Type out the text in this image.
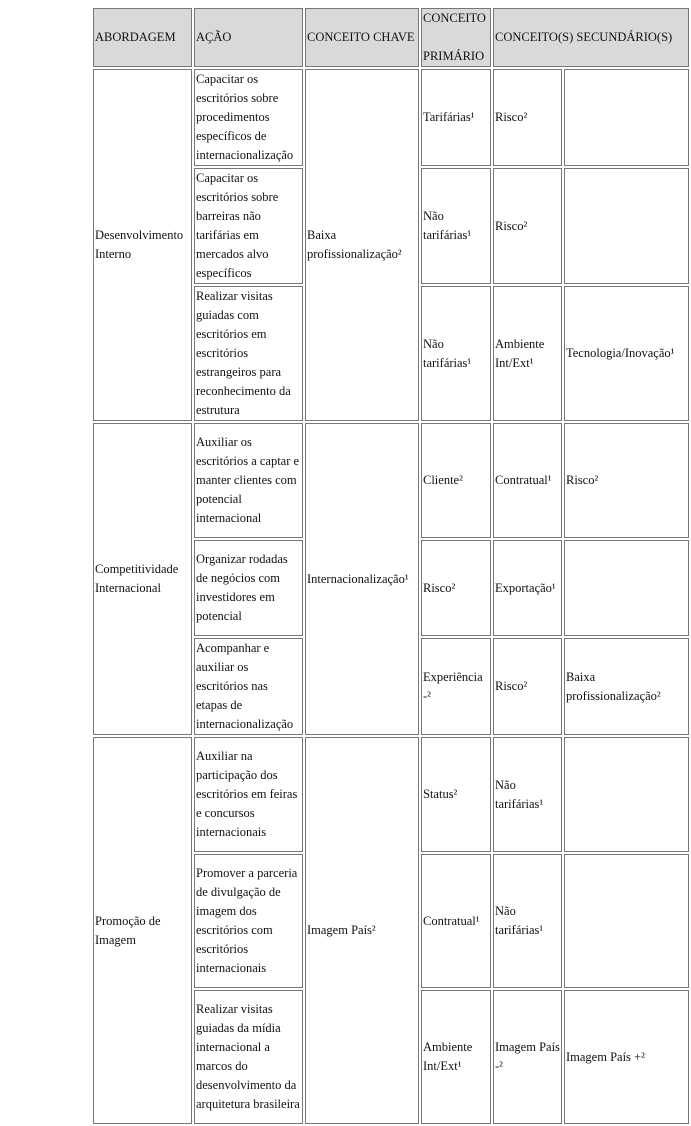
ABORDAGEM	AÇÃO	CONCEITO CHAVE	CONCEITO
PRIMÁRIO	CONCEITO(S) SECUNDÁRIO(S)	
Desenvolvimento Interno	Capacitar os escritórios sobre procedimentos específicos de internacionalização	Baixa profissionalização²	Tarifárias¹	Risco²	
	Capacitar os escritórios sobre barreiras não tarifárias em mercados alvo específicos		Não tarifárias¹	Risco²	
	Realizar visitas guiadas com escritórios em escritórios estrangeiros para reconhecimento da estrutura		Não tarifárias¹	Ambiente Int/Ext¹	Tecnologia/Inovação¹
Competitividade Internacional	Auxiliar os escritórios a captar e manter clientes com potencial internacional	Internacionalização¹	Cliente²	Contratual¹	Risco²
	Organizar rodadas de negócios com investidores em potencial		Risco²	Exportação¹	
	Acompanhar e auxiliar os escritórios nas etapas de internacionalização		Experiência -²	Risco²	Baixa profissionalização²
Promoção de Imagem	Auxiliar na participação dos escritórios em feiras e concursos internacionais	Imagem País²	Status²	Não tarifárias¹	
	Promover a parceria de divulgação de imagem dos escritórios com escritórios internacionais		Contratual¹	Não tarifárias¹	
	Realizar visitas guiadas da mídia internacional a marcos do desenvolvimento da arquitetura brasileira		Ambiente Int/Ext¹	Imagem País -²	Imagem País +²
